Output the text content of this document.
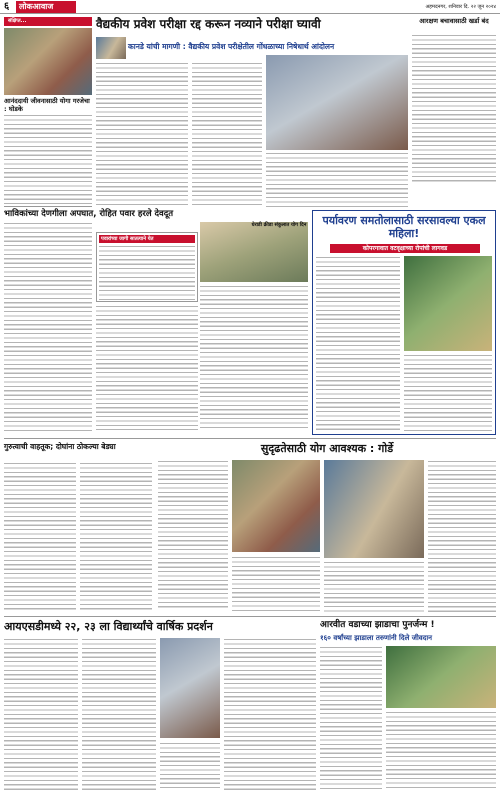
६	लोकआवाज	अहमदनगर, शनिवार दि. २२ जून २०२४
संक्षिप्त...
आनंददायी जीवनासाठी योगा गरजेचा : घोडके
भाविकांच्या देणगीला अपघात, रोहित पवार हरले देवदूत
वैद्यकीय प्रवेश परीक्षा रद्द करून नव्याने परीक्षा घ्यावी
कानडे यांची मागणी : वैद्यकीय प्रवेश परीक्षेतील गोंधळाच्या निषेधार्थ आंदोलन
आरक्षण बचावासाठी खर्डा बंद
पवारांच्या जागी सातत्याने येत
धेराडी क्रीडा संकुलात योग दिन	पर्यावरण समतोलासाठी सरसावल्या एकल महिला!
कोपरगावात वटवृक्षाच्या रोपांची लागवड
गुरुत्वाची वाहतूक; दोघांना ठोकल्या बेड्या	सुदृढतेसाठी योग आवश्यक : गोर्डे
आयएसडीमध्ये २२, २३ ला विद्यार्थ्यांचे वार्षिक प्रदर्शन	आरवीत वडाच्या झाडाचा पुनर्जन्म !
१६० वर्षांच्या झाडाला तरुणांनी दिले जीवदान
